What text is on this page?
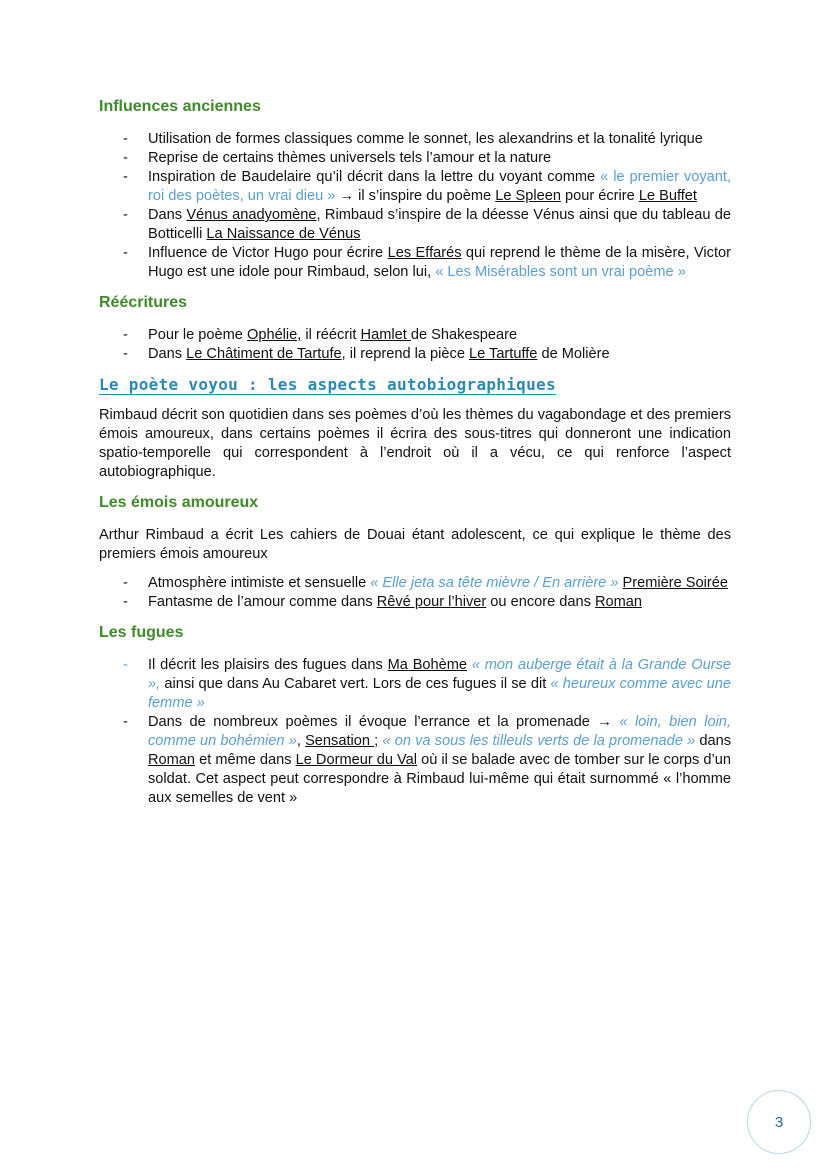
Influences anciennes
- Utilisation de formes classiques comme le sonnet, les alexandrins et la tonalité lyrique
- Reprise de certains thèmes universels tels l’amour et la nature
- Inspiration de Baudelaire qu’il décrit dans la lettre du voyant comme « le premier voyant, roi des poètes, un vrai dieu » → il s’inspire du poème Le Spleen pour écrire Le Buffet
- Dans Vénus anadyomène, Rimbaud s’inspire de la déesse Vénus ainsi que du tableau de Botticelli La Naissance de Vénus
- Influence de Victor Hugo pour écrire Les Effarés qui reprend le thème de la misère, Victor Hugo est une idole pour Rimbaud, selon lui, « Les Misérables sont un vrai poème »
Réécritures
- Pour le poème Ophélie, il réécrit Hamlet de Shakespeare
- Dans Le Châtiment de Tartufe, il reprend la pièce Le Tartuffe de Molière
Le poète voyou : les aspects autobiographiques

Rimbaud décrit son quotidien dans ses poèmes d’où les thèmes du vagabondage et des premiers émois amoureux, dans certains poèmes il écrira des sous-titres qui donneront une indication spatio-temporelle qui correspondent à l’endroit où il a vécu, ce qui renforce l’aspect autobiographique.

Les émois amoureux

Arthur Rimbaud a écrit Les cahiers de Douai étant adolescent, ce qui explique le thème des premiers émois amoureux

- Atmosphère intimiste et sensuelle « Elle jeta sa tête mièvre / En arrière » Première Soirée
- Fantasme de l’amour comme dans Rêvé pour l’hiver ou encore dans Roman
Les fugues
- Il décrit les plaisirs des fugues dans Ma Bohème « mon auberge était à la Grande Ourse », ainsi que dans Au Cabaret vert. Lors de ces fugues il se dit « heureux comme avec une femme »
- Dans de nombreux poèmes il évoque l’errance et la promenade → « loin, bien loin, comme un bohémien », Sensation ; « on va sous les tilleuls verts de la promenade » dans Roman et même dans Le Dormeur du Val où il se balade avec de tomber sur le corps d’un soldat. Cet aspect peut correspondre à Rimbaud lui-même qui était surnommé « l’homme aux semelles de vent »
3
